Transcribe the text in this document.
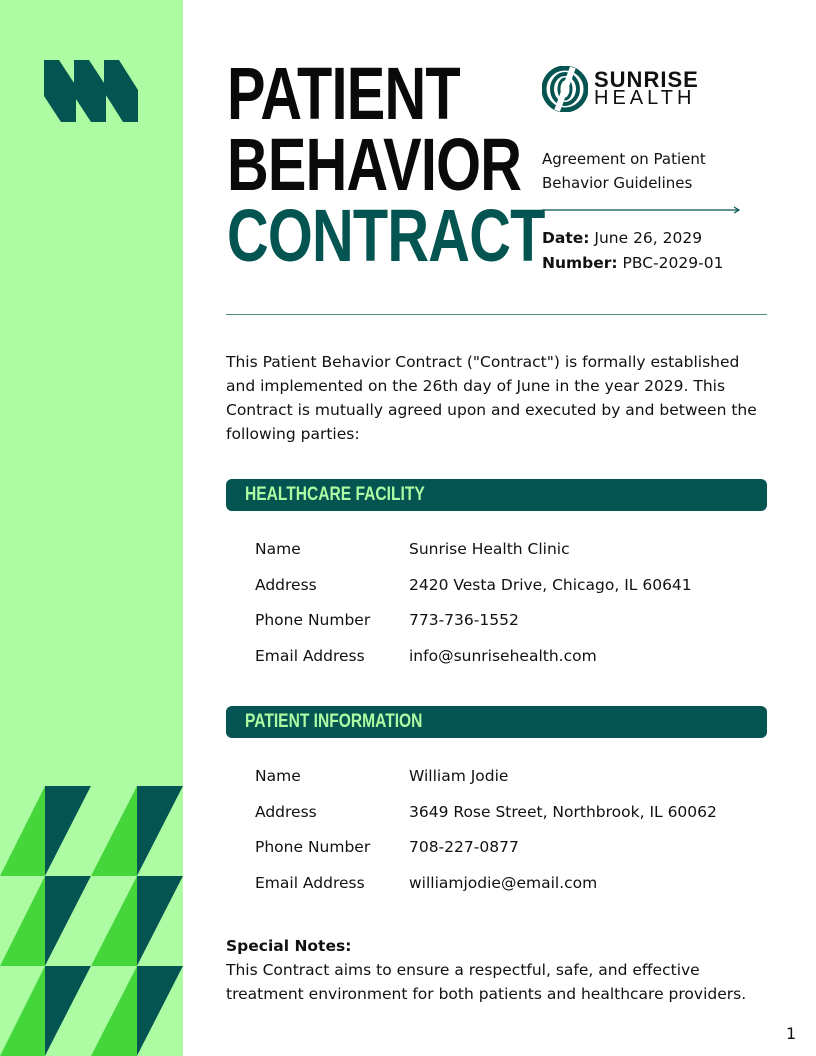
PATIENT
BEHAVIOR
CONTRACT
SUNRISE
HEALTH

Agreement on Patient Behavior Guidelines

Date: June 26, 2029
Number: PBC-2029-01

This Patient Behavior Contract ("Contract") is formally established and implemented on the 26th day of June in the year 2029. This Contract is mutually agreed upon and executed by and between the following parties:

HEALTHCARE FACILITY
Name	Sunrise Health Clinic
Address	2420 Vesta Drive, Chicago, IL 60641
Phone Number	773-736-1552
Email Address	info@sunrisehealth.com
PATIENT INFORMATION
Name	William Jodie
Address	3649 Rose Street, Northbrook, IL 60062
Phone Number	708-227-0877
Email Address	williamjodie@email.com
Special Notes:
This Contract aims to ensure a respectful, safe, and effective treatment environment for both patients and healthcare providers.
1
